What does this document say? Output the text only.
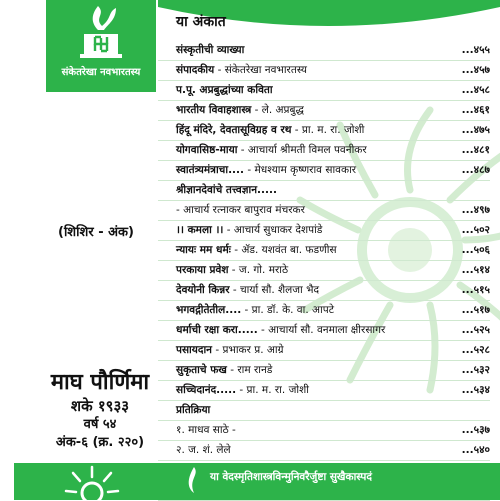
संकेतरेखा नवभारतस्य
(शिशिर - अंक)
माघ पौर्णिमा
शके १९३३
वर्ष ५४
अंक-६ (क्र. २२०)
या अंकात
संस्कृतीची व्याख्या	...४५५
संपादकीय - संकेतरेखा नवभारतस्य	...४५७
प.पू. अप्रबुद्धांच्या कविता	...४५८
भारतीय विवाहशास्त्र - ले. अप्रबुद्ध	...४६१
हिंदू मंदिरे, देवतासूविग्रह व रथ - प्रा. म. रा. जोशी	...४७५
योगवासिष्ठ-माया - आचार्या श्रीमती विमल पवनीकर	...४८१
स्वातंत्र्यमंत्राचा.... - मेधश्याम कृष्णराव सावकार	...४८७
श्रीज्ञानदेवांचे तत्त्वज्ञान.....
- आचार्य रत्नाकर बापुराव मंचरकर	...४९७
।। कमला ।। - आचार्य सुधाकर देशपांडे	...५०२
न्यायः मम धर्मः - ॲड. यशवंत बा. फडणीस	...५०६
परकाया प्रवेश - ज. गो. मराठे	...५१४
देवयोनी किन्नर - चार्या सौ. शैलजा भैद	...५१५
भगवद्गीतेतील.... - प्रा. डॉ. के. वा. आपटे	...५१७
धर्माची रक्षा करा..... - आचार्या सौ. वनमाला क्षीरसागर	...५२५
पसायदान - प्रभाकर प्र. आग्रे	...५२८
सुकृताचे फख - राम रानडे	...५३२
सच्चिदानंद..... - प्रा. म. रा. जोशी	...५३४
प्रतिक्रिया
१. माधव साठे -	...५३७
२. ज. शं. लेले	...५४०
या वेदस्मृतिशास्त्रविन्मुनिवरैर्जुष्टा सुखैकास्पदं
